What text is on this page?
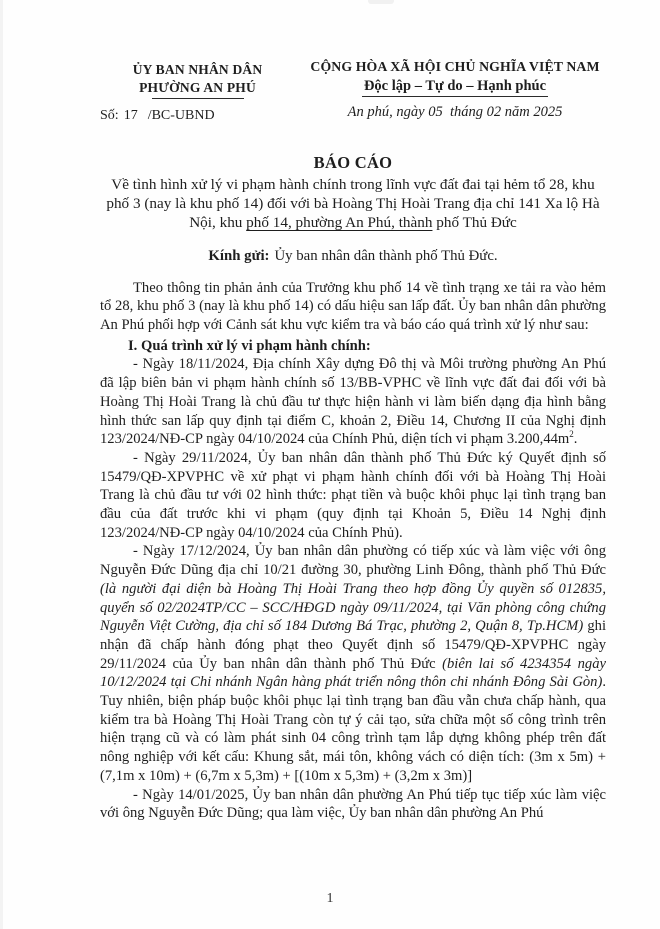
ỦY BAN NHÂN DÂN
PHƯỜNG AN PHÚ
Số: 17 /BC-UBND
CỘNG HÒA XÃ HỘI CHỦ NGHĨA VIỆT NAM
Độc lập – Tự do – Hạnh phúc
An phú, ngày 05  tháng 02 năm 2025
BÁO CÁO
Về tình hình xử lý vi phạm hành chính trong lĩnh vực đất đai tại hẻm tổ 28, khu phố 3 (nay là khu phố 14) đối với bà Hoàng Thị Hoài Trang địa chỉ 141 Xa lộ Hà Nội, khu phố 14, phường An Phú, thành phố Thủ Đức
Kính gửi: Ủy ban nhân dân thành phố Thủ Đức.

Theo thông tin phản ảnh của Trưởng khu phố 14 về tình trạng xe tải ra vào hẻm tổ 28, khu phố 3 (nay là khu phố 14) có dấu hiệu san lấp đất. Ủy ban nhân dân phường An Phú phối hợp với Cảnh sát khu vực kiểm tra và báo cáo quá trình xử lý như sau:

I. Quá trình xử lý vi phạm hành chính:

- Ngày 18/11/2024, Địa chính Xây dựng Đô thị và Môi trường phường An Phú đã lập biên bản vi phạm hành chính số 13/BB-VPHC về lĩnh vực đất đai đối với bà Hoàng Thị Hoài Trang là chủ đầu tư thực hiện hành vi làm biến dạng địa hình bằng hình thức san lấp quy định tại điểm C, khoản 2, Điều 14, Chương II của Nghị định 123/2024/NĐ-CP ngày 04/10/2024 của Chính Phủ, diện tích vi phạm $3.200,44m^2$.

- Ngày 29/11/2024, Ủy ban nhân dân thành phố Thủ Đức ký Quyết định số 15479/QĐ-XPVPHC về xử phạt vi phạm hành chính đối với bà Hoàng Thị Hoài Trang là chủ đầu tư với 02 hình thức: phạt tiền và buộc khôi phục lại tình trạng ban đầu của đất trước khi vi phạm (quy định tại Khoản 5, Điều 14 Nghị định 123/2024/NĐ-CP ngày 04/10/2024 của Chính Phủ).

- Ngày 17/12/2024, Ủy ban nhân dân phường có tiếp xúc và làm việc với ông Nguyễn Đức Dũng địa chỉ 10/21 đường 30, phường Linh Đông, thành phố Thủ Đức (là người đại diện bà Hoàng Thị Hoài Trang theo hợp đồng Ủy quyền số 012835, quyển số 02/2024TP/CC – SCC/HĐGD ngày 09/11/2024, tại Văn phòng công chứng Nguyễn Việt Cường, địa chỉ số 184 Dương Bá Trạc, phường 2, Quận 8, Tp.HCM) ghi nhận đã chấp hành đóng phạt theo Quyết định số 15479/QĐ-XPVPHC ngày 29/11/2024 của Ủy ban nhân dân thành phố Thủ Đức (biên lai số 4234354 ngày 10/12/2024 tại Chi nhánh Ngân hàng phát triển nông thôn chi nhánh Đông Sài Gòn). Tuy nhiên, biện pháp buộc khôi phục lại tình trạng ban đầu vẫn chưa chấp hành, qua kiểm tra bà Hoàng Thị Hoài Trang còn tự ý cải tạo, sửa chữa một số công trình trên hiện trạng cũ và có làm phát sinh 04 công trình tạm lắp dựng không phép trên đất nông nghiệp với kết cấu: Khung sắt, mái tôn, không vách có diện tích: (3m x 5m) + (7,1m x 10m) + (6,7m x 5,3m) + [(10m x 5,3m) + (3,2m x 3m)]

- Ngày 14/01/2025, Ủy ban nhân dân phường An Phú tiếp tục tiếp xúc làm việc với ông Nguyễn Đức Dũng; qua làm việc, Ủy ban nhân dân phường An Phú

1
